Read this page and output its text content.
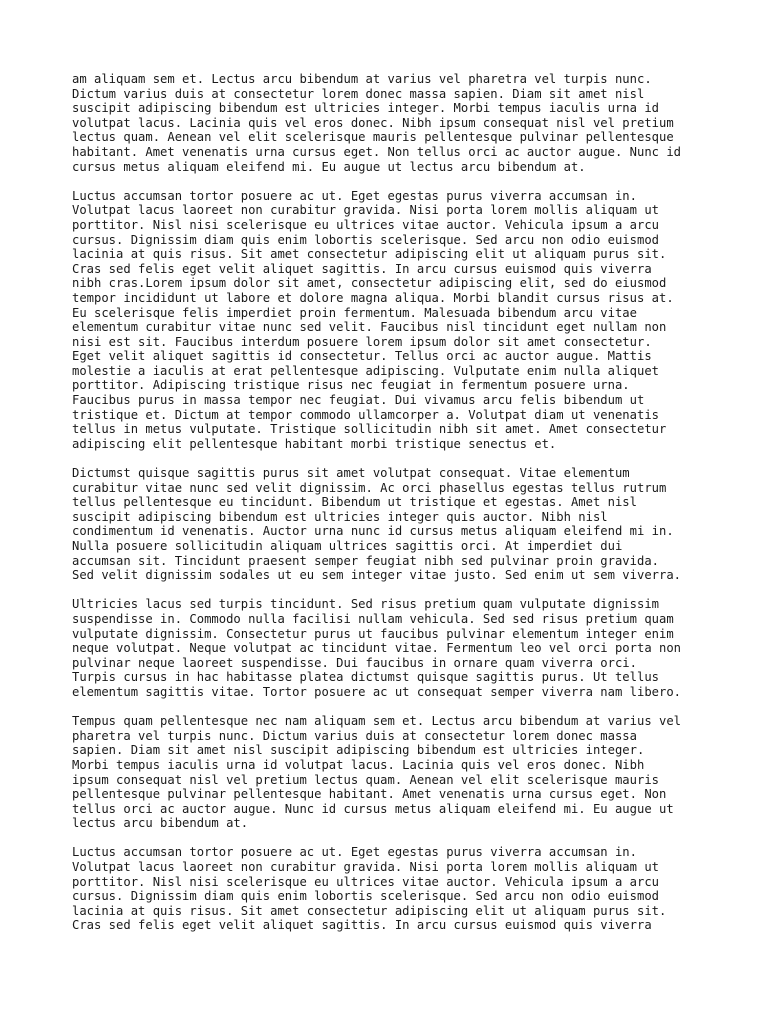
am aliquam sem et. Lectus arcu bibendum at varius vel pharetra vel turpis nunc.
Dictum varius duis at consectetur lorem donec massa sapien. Diam sit amet nisl
suscipit adipiscing bibendum est ultricies integer. Morbi tempus iaculis urna id
volutpat lacus. Lacinia quis vel eros donec. Nibh ipsum consequat nisl vel pretium
lectus quam. Aenean vel elit scelerisque mauris pellentesque pulvinar pellentesque
habitant. Amet venenatis urna cursus eget. Non tellus orci ac auctor augue. Nunc id
cursus metus aliquam eleifend mi. Eu augue ut lectus arcu bibendum at.

Luctus accumsan tortor posuere ac ut. Eget egestas purus viverra accumsan in.
Volutpat lacus laoreet non curabitur gravida. Nisi porta lorem mollis aliquam ut
porttitor. Nisl nisi scelerisque eu ultrices vitae auctor. Vehicula ipsum a arcu
cursus. Dignissim diam quis enim lobortis scelerisque. Sed arcu non odio euismod
lacinia at quis risus. Sit amet consectetur adipiscing elit ut aliquam purus sit.
Cras sed felis eget velit aliquet sagittis. In arcu cursus euismod quis viverra
nibh cras.Lorem ipsum dolor sit amet, consectetur adipiscing elit, sed do eiusmod
tempor incididunt ut labore et dolore magna aliqua. Morbi blandit cursus risus at.
Eu scelerisque felis imperdiet proin fermentum. Malesuada bibendum arcu vitae
elementum curabitur vitae nunc sed velit. Faucibus nisl tincidunt eget nullam non
nisi est sit. Faucibus interdum posuere lorem ipsum dolor sit amet consectetur.
Eget velit aliquet sagittis id consectetur. Tellus orci ac auctor augue. Mattis
molestie a iaculis at erat pellentesque adipiscing. Vulputate enim nulla aliquet
porttitor. Adipiscing tristique risus nec feugiat in fermentum posuere urna.
Faucibus purus in massa tempor nec feugiat. Dui vivamus arcu felis bibendum ut
tristique et. Dictum at tempor commodo ullamcorper a. Volutpat diam ut venenatis
tellus in metus vulputate. Tristique sollicitudin nibh sit amet. Amet consectetur
adipiscing elit pellentesque habitant morbi tristique senectus et.

Dictumst quisque sagittis purus sit amet volutpat consequat. Vitae elementum
curabitur vitae nunc sed velit dignissim. Ac orci phasellus egestas tellus rutrum
tellus pellentesque eu tincidunt. Bibendum ut tristique et egestas. Amet nisl
suscipit adipiscing bibendum est ultricies integer quis auctor. Nibh nisl
condimentum id venenatis. Auctor urna nunc id cursus metus aliquam eleifend mi in.
Nulla posuere sollicitudin aliquam ultrices sagittis orci. At imperdiet dui
accumsan sit. Tincidunt praesent semper feugiat nibh sed pulvinar proin gravida.
Sed velit dignissim sodales ut eu sem integer vitae justo. Sed enim ut sem viverra.

Ultricies lacus sed turpis tincidunt. Sed risus pretium quam vulputate dignissim
suspendisse in. Commodo nulla facilisi nullam vehicula. Sed sed risus pretium quam
vulputate dignissim. Consectetur purus ut faucibus pulvinar elementum integer enim
neque volutpat. Neque volutpat ac tincidunt vitae. Fermentum leo vel orci porta non
pulvinar neque laoreet suspendisse. Dui faucibus in ornare quam viverra orci.
Turpis cursus in hac habitasse platea dictumst quisque sagittis purus. Ut tellus
elementum sagittis vitae. Tortor posuere ac ut consequat semper viverra nam libero.

Tempus quam pellentesque nec nam aliquam sem et. Lectus arcu bibendum at varius vel
pharetra vel turpis nunc. Dictum varius duis at consectetur lorem donec massa
sapien. Diam sit amet nisl suscipit adipiscing bibendum est ultricies integer.
Morbi tempus iaculis urna id volutpat lacus. Lacinia quis vel eros donec. Nibh
ipsum consequat nisl vel pretium lectus quam. Aenean vel elit scelerisque mauris
pellentesque pulvinar pellentesque habitant. Amet venenatis urna cursus eget. Non
tellus orci ac auctor augue. Nunc id cursus metus aliquam eleifend mi. Eu augue ut
lectus arcu bibendum at.

Luctus accumsan tortor posuere ac ut. Eget egestas purus viverra accumsan in.
Volutpat lacus laoreet non curabitur gravida. Nisi porta lorem mollis aliquam ut
porttitor. Nisl nisi scelerisque eu ultrices vitae auctor. Vehicula ipsum a arcu
cursus. Dignissim diam quis enim lobortis scelerisque. Sed arcu non odio euismod
lacinia at quis risus. Sit amet consectetur adipiscing elit ut aliquam purus sit.
Cras sed felis eget velit aliquet sagittis. In arcu cursus euismod quis viverra
